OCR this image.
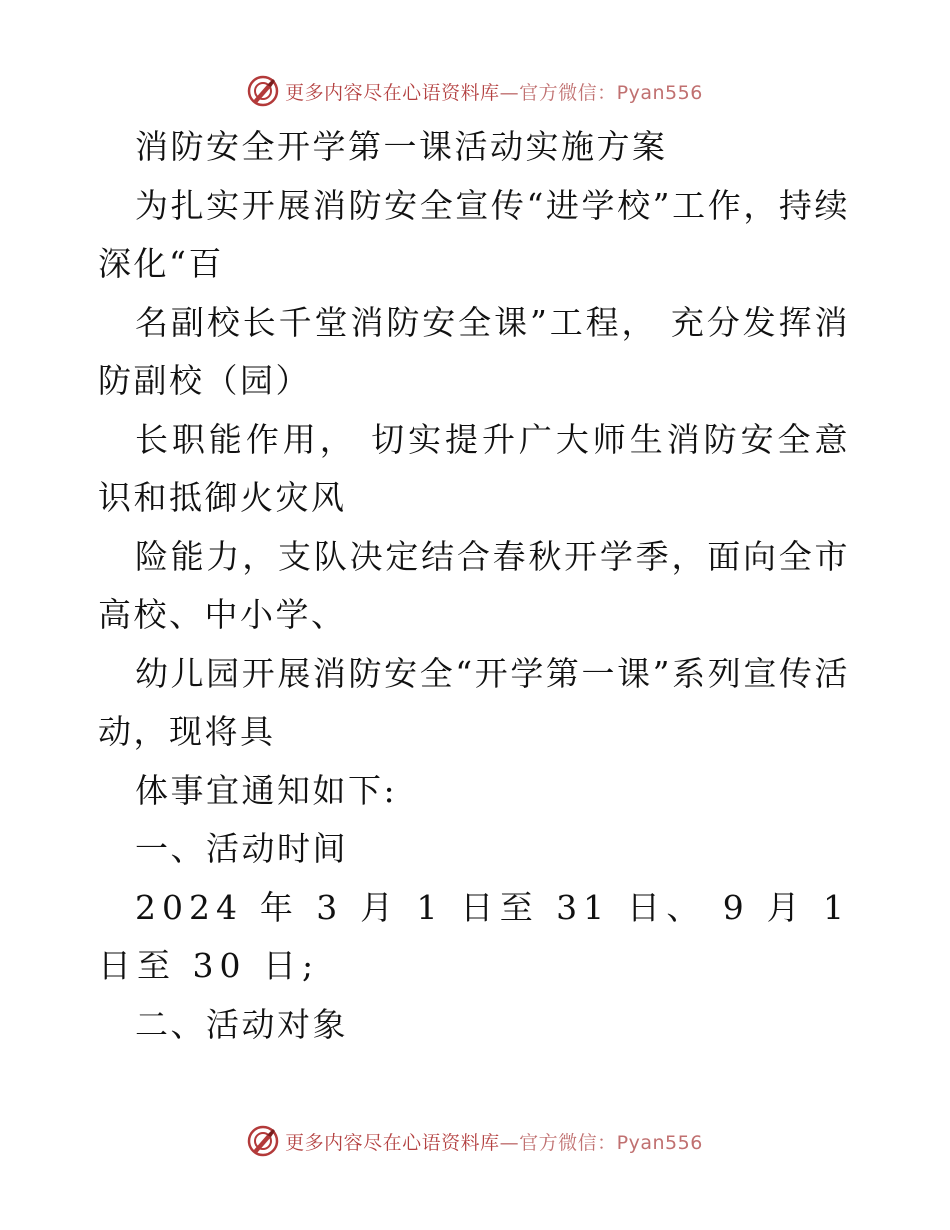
更多内容尽在心语资料库—官方微信：Pyan556

消防安全开学第一课活动实施方案

为扎实开展消防安全宣传“进学校”工作，持续深化“百

名副校长千堂消防安全课”工程， 充分发挥消防副校（园）

长职能作用， 切实提升广大师生消防安全意识和抵御火灾风

险能力，支队决定结合春秋开学季，面向全市高校、中小学、

幼儿园开展消防安全“开学第一课”系列宣传活动，现将具

体事宜通知如下:

一、活动时间

2024 年 3 月 1 日至 31 日、 9 月 1 日至 30 日;

二、活动对象

更多内容尽在心语资料库—官方微信：Pyan556
